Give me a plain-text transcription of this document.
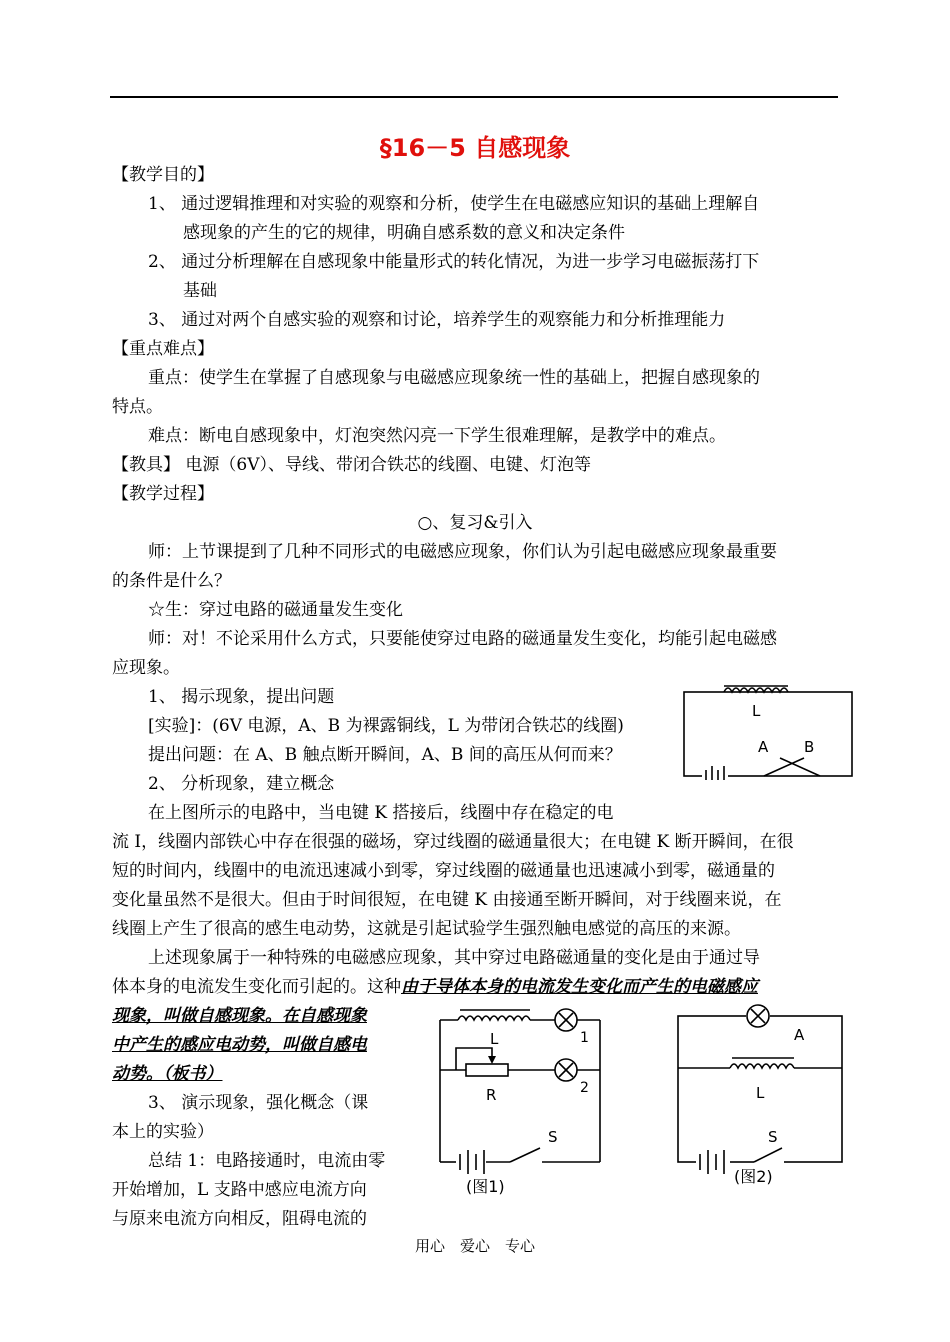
§16－5 自感现象
【教学目的】
1、 通过逻辑推理和对实验的观察和分析，使学生在电磁感应知识的基础上理解自
感现象的产生的它的规律，明确自感系数的意义和决定条件
2、 通过分析理解在自感现象中能量形式的转化情况，为进一步学习电磁振荡打下
基础
3、 通过对两个自感实验的观察和讨论，培养学生的观察能力和分析推理能力
【重点难点】
重点：使学生在掌握了自感现象与电磁感应现象统一性的基础上，把握自感现象的
特点。
难点：断电自感现象中，灯泡突然闪亮一下学生很难理解，是教学中的难点。
【教具】 电源（6V）、导线、带闭合铁芯的线圈、电键、灯泡等
【教学过程】
○、复习&引入
师：上节课提到了几种不同形式的电磁感应现象，你们认为引起电磁感应现象最重要
的条件是什么？
☆生：穿过电路的磁通量发生变化
师：对！不论采用什么方式，只要能使穿过电路的磁通量发生变化，均能引起电磁感
应现象。
1、 揭示现象，提出问题
[实验]：(6V 电源，A、B 为裸露铜线，L 为带闭合铁芯的线圈)
提出问题：在 A、B 触点断开瞬间，A、B 间的高压从何而来？
2、 分析现象，建立概念
在上图所示的电路中，当电键 K 搭接后，线圈中存在稳定的电
流 I，线圈内部铁心中存在很强的磁场，穿过线圈的磁通量很大；在电键 K 断开瞬间，在很
短的时间内，线圈中的电流迅速减小到零，穿过线圈的磁通量也迅速减小到零，磁通量的
变化量虽然不是很大。但由于时间很短，在电键 K 由接通至断开瞬间，对于线圈来说，在
线圈上产生了很高的感生电动势，这就是引起试验学生强烈触电感觉的高压的来源。
上述现象属于一种特殊的电磁感应现象，其中穿过电路磁通量的变化是由于通过导
体本身的电流发生变化而引起的。这种由于导体本身的电流发生变化而产生的电磁感应
现象，叫做自感现象。在自感现象
中产生的感应电动势，叫做自感电
动势。（板书）
3、 演示现象，强化概念（课
本上的实验）
总结 1：电路接通时，电流由零
开始增加，L 支路中感应电流方向
与原来电流方向相反，阻碍电流的
L
A B
L
R
1
2
S
(图1)
A
L
S
(图2)
用心　爱心　专心
